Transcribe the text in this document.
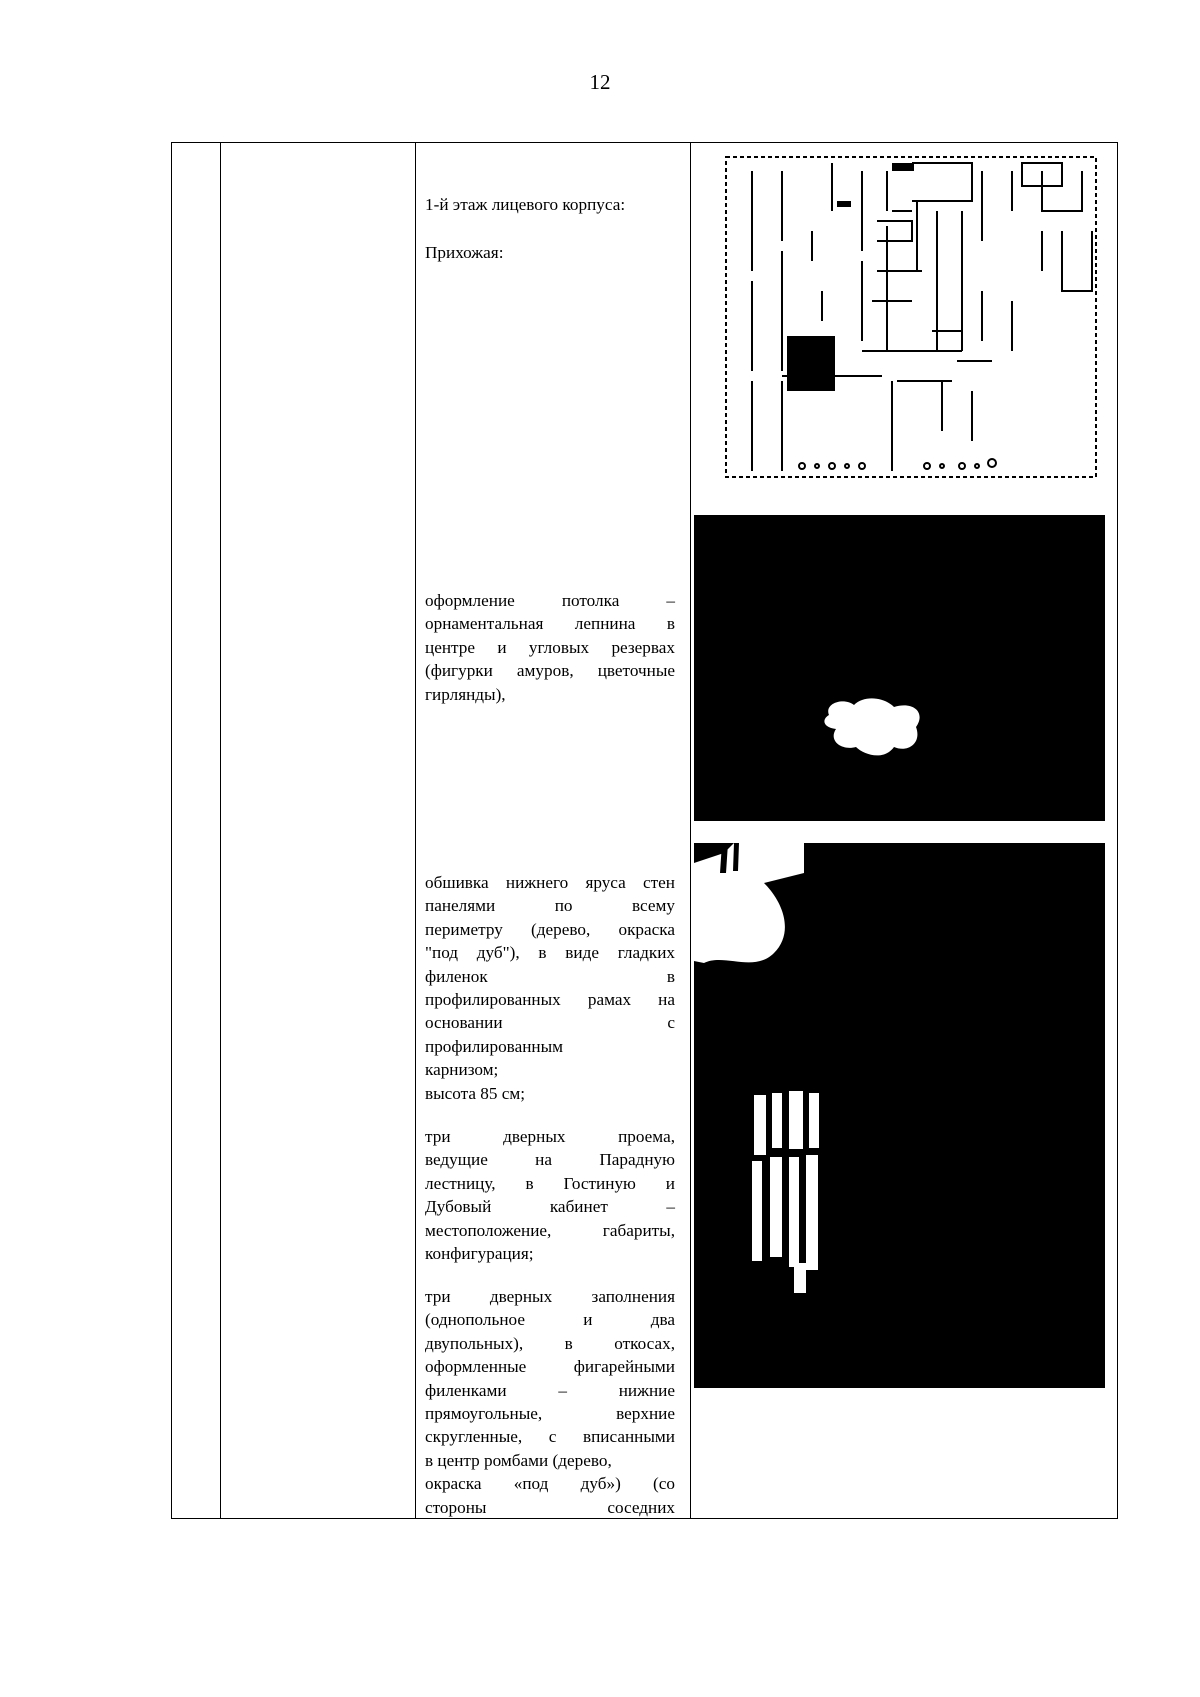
12
1-й этаж лицевого корпуса:
Прихожая:
оформление потолка –
орнаментальная лепнина в
центре и угловых резервах
(фигурки амуров, цветочные
гирлянды),
обшивка нижнего яруса стен
панелями по всему
периметру (дерево, окраска
"под дуб"), в виде гладких
филенок в
профилированных рамах на
основании с
профилированным
карнизом;
высота 85 см;
три дверных проема,
ведущие на Парадную
лестницу, в Гостиную и
Дубовый кабинет –
местоположение, габариты,
конфигурация;
три дверных заполнения
(однопольное и два
двупольных), в откосах,
оформленные фигарейными
филенками – нижние
прямоугольные, верхние
скругленные, с вписанными
в центр ромбами (дерево,
окраска «под дуб») (со
стороны соседних
